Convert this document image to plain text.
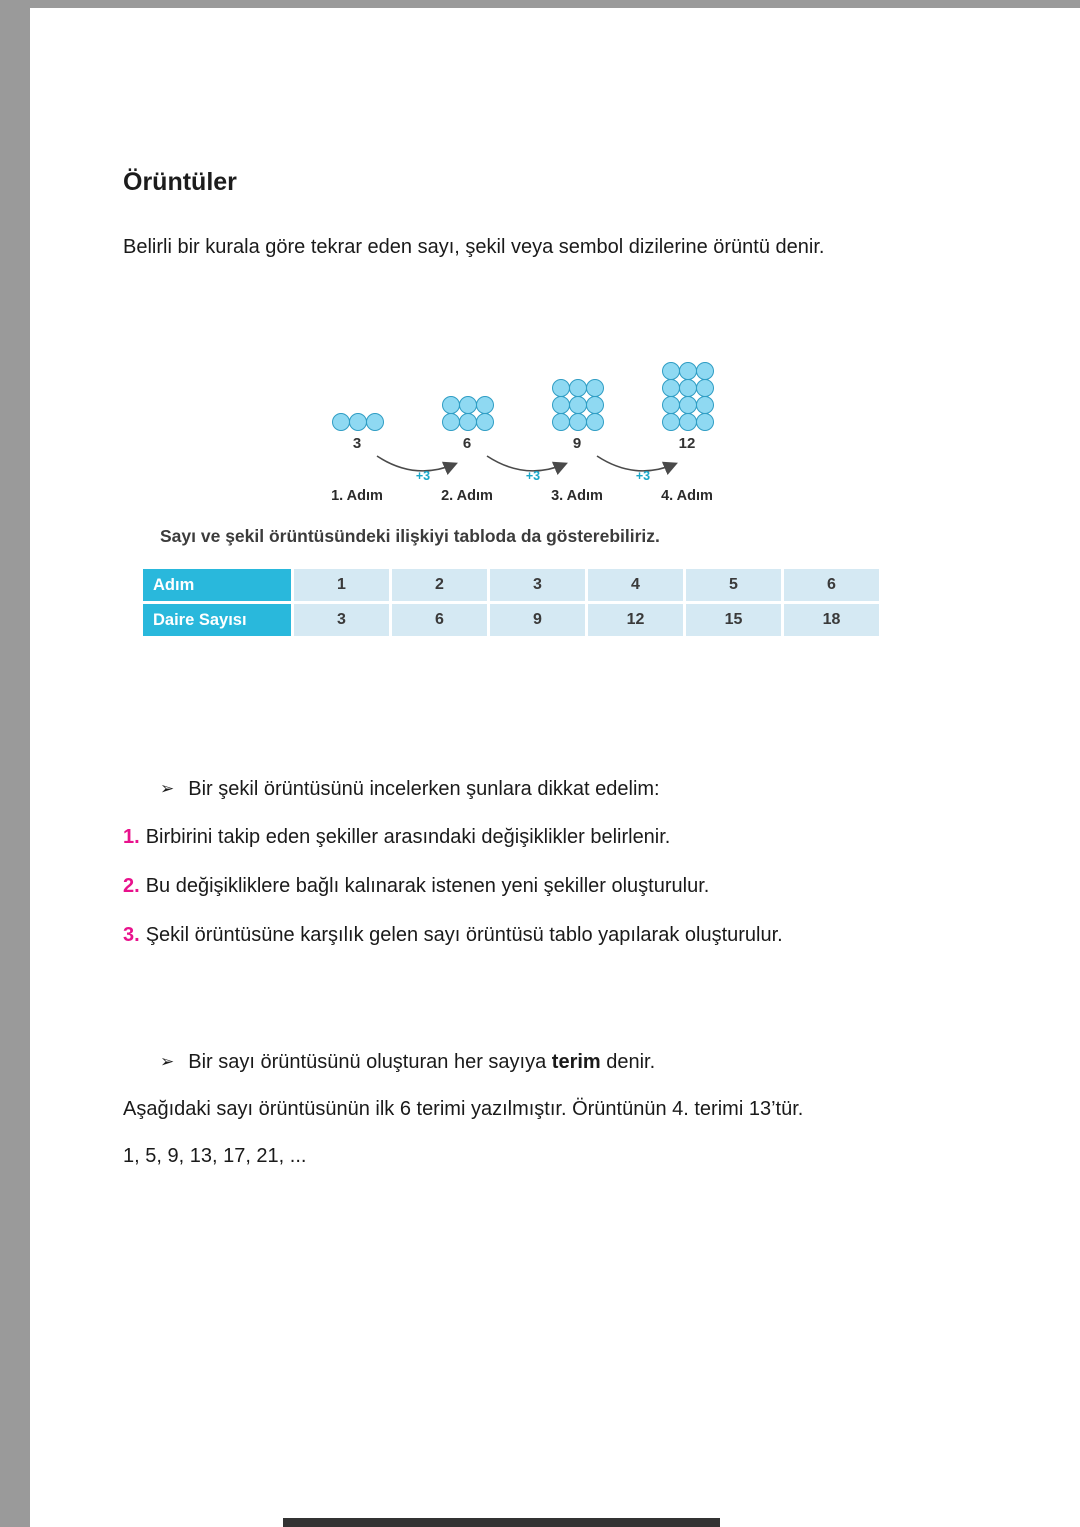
Örüntüler

Belirli bir kurala göre tekrar eden sayı, şekil veya sembol dizilerine örüntü denir.

+3	+3	+3
3
1. Adım
6
2. Adım
9
3. Adım
12
4. Adım

Sayı ve şekil örüntüsündeki ilişkiyi tabloda da gösterebiliriz.

Adım	1	2	3	4	5	6
Daire Sayısı	3	6	9	12	15	18
➢ Bir şekil örüntüsünü incelerken şunlara dikkat edelim:
1. Birbirini takip eden şekiller arasındaki değişiklikler belirlenir.
2. Bu değişikliklere bağlı kalınarak istenen yeni şekiller oluşturulur.
3. Şekil örüntüsüne karşılık gelen sayı örüntüsü tablo yapılarak oluşturulur.
➢ Bir sayı örüntüsünü oluşturan her sayıya terim denir.

Aşağıdaki sayı örüntüsünün ilk 6 terimi yazılmıştır. Örüntünün 4. terimi 13’tür.

1, 5, 9, 13, 17, 21, ...
